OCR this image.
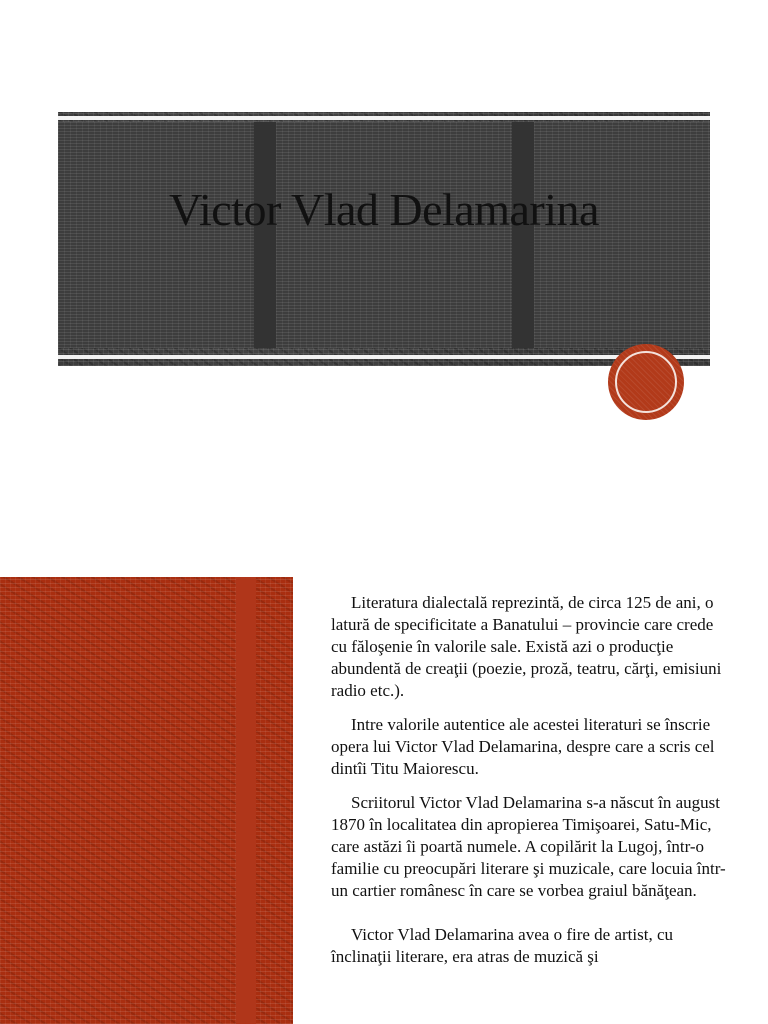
Victor Vlad Delamarina

Literatura dialectală reprezintă, de circa 125 de ani, o latură de specificitate a Banatului – provincie care crede cu făloşenie în valorile sale. Există azi o producţie abundentă de creaţii (poezie, proză, teatru, cărţi, emisiuni radio etc.).

Intre valorile autentice ale acestei literaturi se înscrie opera lui Victor Vlad Delamarina, despre care a scris cel dintîi Titu Maiorescu.

Scriitorul Victor Vlad Delamarina s-a născut în august 1870 în localitatea din apropierea Timişoarei, Satu-Mic, care astăzi îi poartă numele. A copilărit la Lugoj, într-o familie cu preocupări literare şi muzicale, care locuia într-un cartier românesc în care se vorbea graiul bănăţean.

Victor Vlad Delamarina avea o fire de artist, cu înclinaţii literare, era atras de muzică şi
